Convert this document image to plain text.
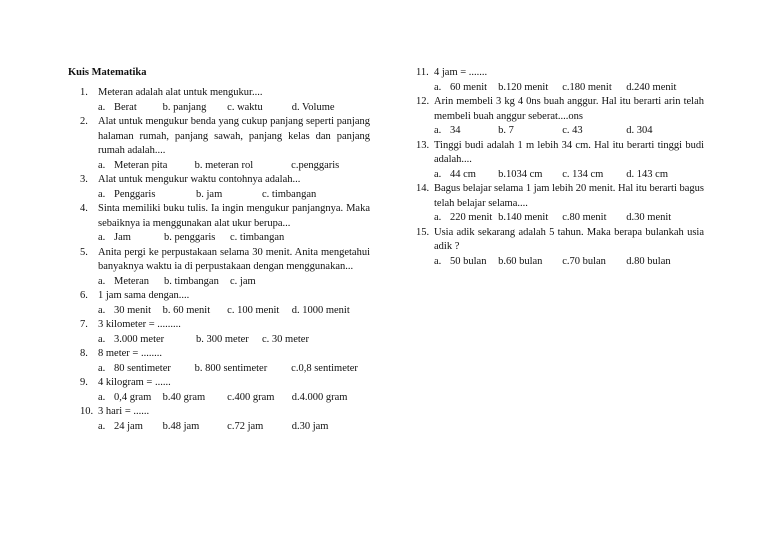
Kuis Matematika
1. Meteran adalah alat untuk mengukur....
a. Berat	b. panjang	c. waktu	d. Volume
2. Alat untuk mengukur benda yang cukup panjang seperti panjang halaman rumah, panjang sawah, panjang kelas dan panjang rumah adalah....
a. Meteran pita	b. meteran rol	c.penggaris
3. Alat untuk mengukur waktu contohnya adalah...
a. Penggaris	b. jam	c. timbangan
4. Sinta memiliki buku tulis. Ia ingin mengukur panjangnya. Maka sebaiknya ia menggunakan alat ukur berupa...
a. Jam	b. penggaris	c. timbangan
5. Anita pergi ke perpustakaan selama 30 menit. Anita mengetahui banyaknya waktu ia di perpustakaan dengan menggunakan...
a. Meteran	b. timbangan	c. jam
6. 1 jam sama dengan....
a. 30 menit	b. 60 menit	c. 100 menit	d. 1000 menit
7. 3 kilometer = .........
a. 3.000 meter	b. 300 meter	c. 30 meter
8. 8 meter = ........
a. 80 sentimeter	b. 800 sentimeter	c.0,8 sentimeter
9. 4 kilogram = ......
a. 0,4 gram	b.40 gram	c.400 gram	d.4.000 gram
10. 3 hari = ......
a. 24 jam	b.48 jam	c.72 jam	d.30 jam
11. 4 jam = .......
a. 60 menit	b.120 menit	c.180 menit	d.240 menit
12. Arin membeli 3 kg 4 0ns buah anggur. Hal itu berarti arin telah membeli buah anggur seberat....ons
a. 34	b. 7	c. 43	d. 304
13. Tinggi budi adalah 1 m lebih 34 cm. Hal itu berarti tinggi budi adalah....
a. 44 cm	b.1034 cm	c. 134 cm	d. 143 cm
14. Bagus belajar selama 1 jam lebih 20 menit. Hal itu berarti bagus telah belajar selama....
a. 220 menit b.140 menit	c.80 menit	d.30 menit
15. Usia adik sekarang adalah 5 tahun. Maka berapa bulankah usia adik ?
a. 50 bulan	b.60 bulan	c.70 bulan	d.80 bulan
